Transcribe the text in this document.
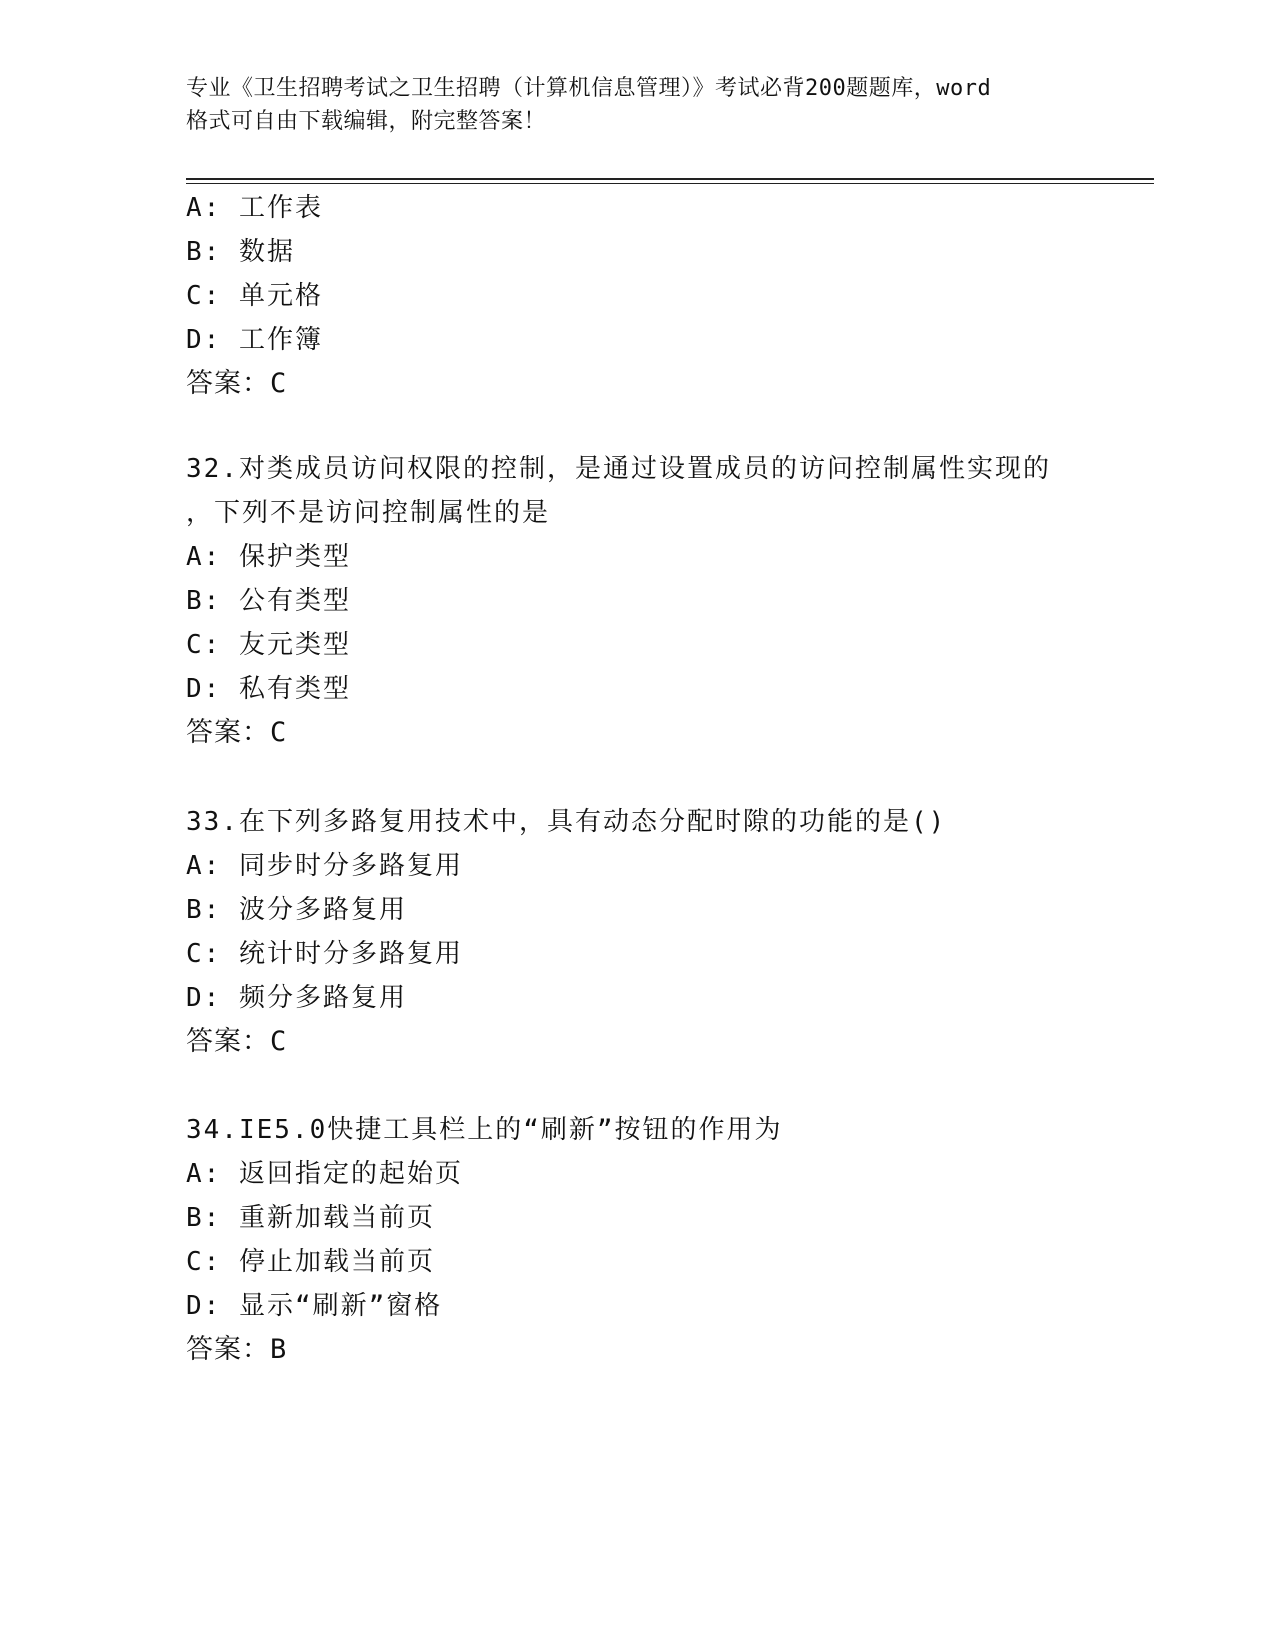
专业《卫生招聘考试之卫生招聘（计算机信息管理）》考试必背200题题库，word
格式可自由下载编辑，附完整答案！
A: 工作表
B: 数据
C: 单元格
D: 工作簿
答案：C
32.对类成员访问权限的控制，是通过设置成员的访问控制属性实现的
，下列不是访问控制属性的是
A: 保护类型
B: 公有类型
C: 友元类型
D: 私有类型
答案：C
33.在下列多路复用技术中，具有动态分配时隙的功能的是()
A: 同步时分多路复用
B: 波分多路复用
C: 统计时分多路复用
D: 频分多路复用
答案：C
34.IE5.0快捷工具栏上的“刷新”按钮的作用为
A: 返回指定的起始页
B: 重新加载当前页
C: 停止加载当前页
D: 显示“刷新”窗格
答案：B
